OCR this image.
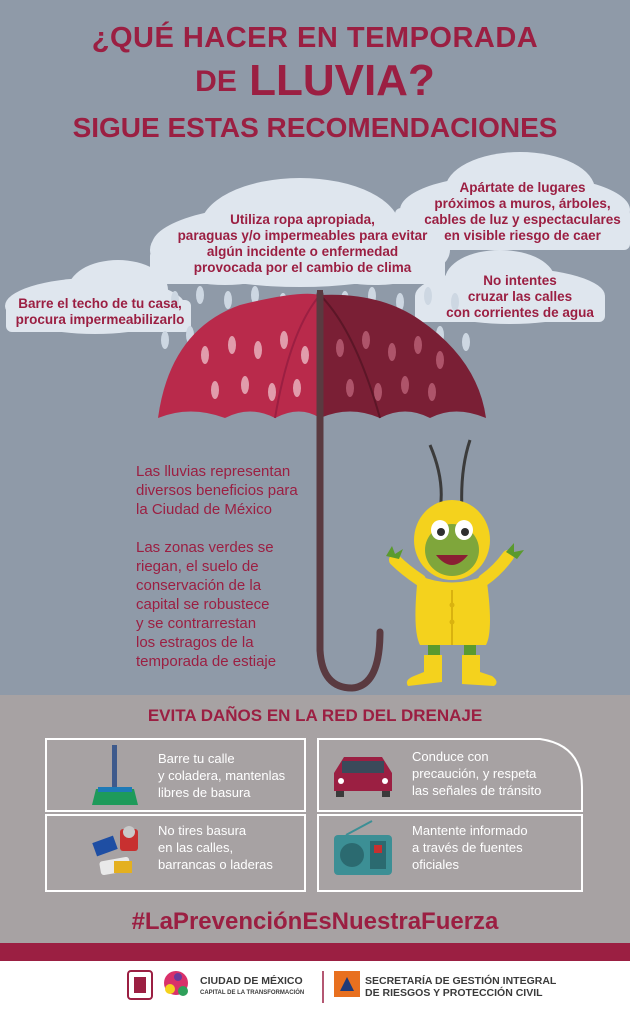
¿QUÉ HACER EN TEMPORADA
DE LLUVIA?
SIGUE ESTAS RECOMENDACIONES
Utiliza ropa apropiada,
paraguas y/o impermeables para evitar
algún incidente o enfermedad
provocada por el cambio de clima
Apártate de lugares
próximos a muros, árboles,
cables de luz y espectaculares
en visible riesgo de caer
Barre el techo de tu casa,
procura impermeabilizarlo
No intentes
cruzar las calles
con corrientes de agua
Las lluvias representan
diversos beneficios para
la Ciudad de México
Las zonas verdes se
riegan, el suelo de
conservación de la
capital se robustece
y se contrarrestan
los estragos de la
temporada de estiaje
EVITA DAÑOS EN LA RED DEL DRENAJE
Barre tu calle
y coladera, mantenlas
libres de basura
Conduce con
precaución, y respeta
las señales de tránsito
No tires basura
en las calles,
barrancas o laderas
Mantente informado
a través de fuentes
oficiales
#LaPrevenciónEsNuestraFuerza
CIUDAD DE MÉXICO
CAPITAL DE LA TRANSFORMACIÓN
SECRETARÍA DE GESTIÓN INTEGRAL
DE RIESGOS Y PROTECCIÓN CIVIL
